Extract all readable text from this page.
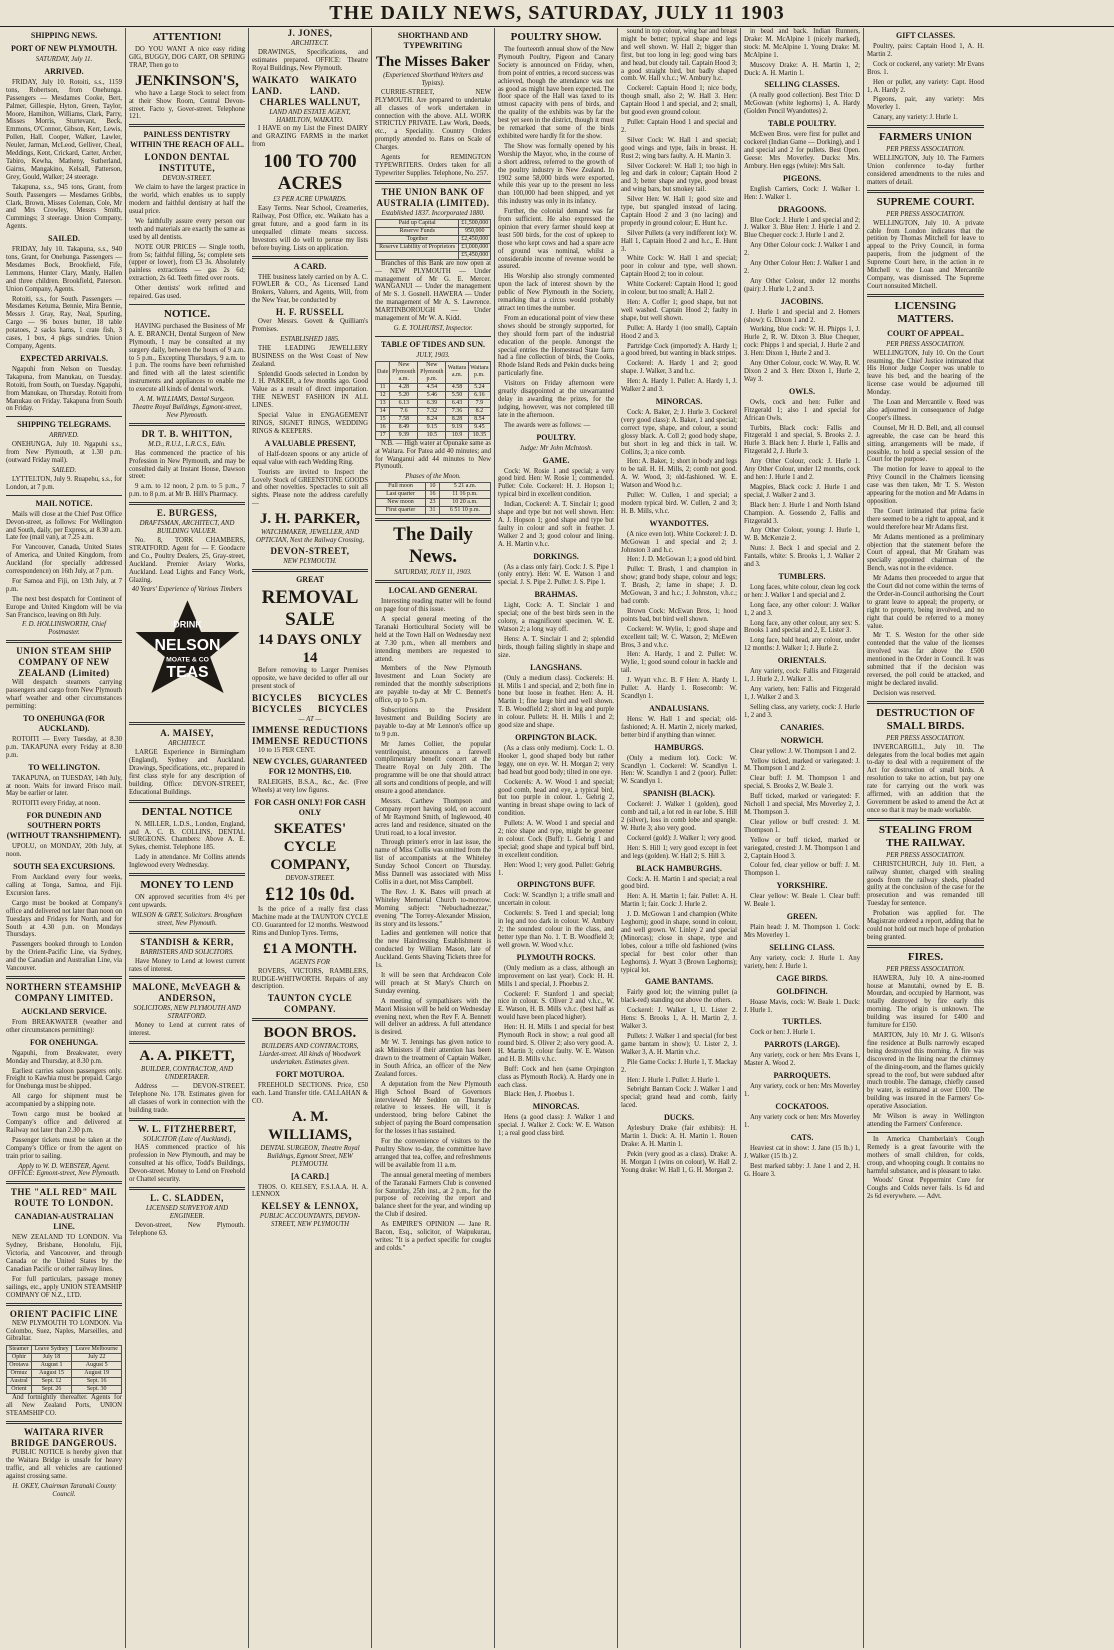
THE DAILY NEWS, SATURDAY, JULY 11 1903
SHIPPING NEWS.
PORT OF NEW PLYMOUTH.
SATURDAY, July 11.
ARRIVED.
FRIDAY, July 10. Rotoiti, s.s., 1159 tons, Robertson, from Onehunga. Passengers — Mesdames Cooke, Bert, Palmer, Gillespie, Hyton, Green, Taylor, Moore, Hamilton, Williams, Clark, Parry, Misses Morris, Sturtevant, Beck, Emmons, O'Connor, Gibson, Kerr, Lewis, Pollen, Hall. Cooper, Walker, Lawler, Neuler, Jarman, McLeod, Gelliver, Cheal, Meddings, Kent, Crickard, Carter, Archer, Tabiro, Kewha, Matheny, Sutherland, Gairns, Mangakino, Kelsall, Patterson, Grey, Gould, Walker; 24 steerage.
Takapuna, s.s., 945 tons, Grant, from South. Passengers — Mesdames Gribbs, Clark, Brown, Misses Coleman, Cole, Mr and Mrs Crowley, Messrs Smith, Cummings; 3 steerage. Union Company, Agents.
SAILED.
FRIDAY, July 10. Takapuna, s.s., 940 tons, Grant, for Onehunga. Passengers — Mesdames Bock, Brookfield, Fife, Lemmons, Hunter Clary, Manly, Hallen and three children. Brookfield, Paterson. Union Company, Agents.
Rotoiti, s.s., for South. Passengers — Mesdames Ketuma, Bennie, Mira Bennie, Messrs J. Gray, Ray, Neal, Spurling, Cargo — 96 boxes butter, 18 table potatoes, 2 sacks hams, 1 crate fish, 3 cases, 1 box, 4 pkgs sundries. Union Company, Agents.
EXPECTED ARRIVALS.
Ngapuhi from Nelson on Tuesday. Takapuna, from Manukau, on Tuesday. Rotoiti, from South, on Tuesday. Ngapuhi, from Manukau, on Thursday. Rotoiti from Manukau on Friday. Takapuna from South on Friday.
SHIPPING TELEGRAMS.
ARRIVED.
ONEHUNGA, July 10. Ngapuhi s.s., from New Plymouth, at 1.30 p.m. (outward Friday mail).
SAILED.
LYTTELTON, July 9. Ruapehu, s.s., for London, at 7 p.m.
MAIL NOTICE.
Mails will close at the Chief Post Office Devon-street, as follows: For Wellington and South, daily, per Express, at 8.30 a.m. Late fee (mail van), at 7.25 a.m.
For Vancouver, Canada, United States of America, and United Kingdom, from Auckland (for specially addressed correspondence) on 16th July, at 7 p.m.
For Samoa and Fiji, on 13th July, at 7 p.m.
The next best despatch for Continent of Europe and United Kingdom will be via San Francisco, leaving on 8th July.
F. D. HOLLINSWORTH, Chief Postmaster.
UNION STEAM SHIP COMPANY OF NEW ZEALAND (Limited)
Will despatch steamers carrying passengers and cargo from New Plymouth wharf weather and other circumstances permitting:
TO ONEHUNGA (FOR AUCKLAND).
ROTOITI — Every Tuesday, at 8.30 p.m. TAKAPUNA every Friday at 8.30 p.m.
TO WELLINGTON.
TAKAPUNA, on TUESDAY, 14th July, at noon. Waits for inward Frisco mail. May be earlier or later.
ROTOITI every Friday, at noon.
FOR DUNEDIN AND SOUTHERN PORTS (WITHOUT TRANSHIPMENT).
UPOLU, on MONDAY, 20th July, at noon.
SOUTH SEA EXCURSIONS.
From Auckland every four weeks, calling at Tonga, Samoa, and Fiji. Excursion fares.
Cargo must be booked at Company's office and delivered not later than noon on Tuesdays and Fridays for North, and for South at 4.30 p.m. on Mondays Thursdays.
Passengers booked through to London by the Orient-Pacific Line, via Sydney, and the Canadian and Australian Line, via Vancouver.
NORTHERN STEAMSHIP COMPANY LIMITED.
AUCKLAND SERVICE.
From BREAKWATER (weather and other circumstances permitting):
FOR ONEHUNGA.
Ngapuhi, from Breakwater, every Monday and Thursday, at 8.30 p.m.
Earliest carries saloon passengers only. Freight to Kawhia must be prepaid. Cargo for Onehunga must be shipped.
All cargo for shipment must be accompanied by a shipping note.
Town cargo must be booked at Company's office and delivered at Railway not later than 2.30 p.m.
Passenger tickets must be taken at the Company's Office or from the agent on train prior to sailing.
Apply to W. D. WEBSTER, Agent. OFFICE: Egmont-street, New Plymouth.
THE "ALL RED" MAIL ROUTE TO LONDON.
CANADIAN-AUSTRALIAN LINE.
NEW ZEALAND TO LONDON. Via Sydney, Brisbane, Honolulu, Fiji, Victoria, and Vancouver, and through Canada or the United States by the Canadian Pacific or other railway lines.
For full particulars, passage money sailings, etc., apply UNION STEAMSHIP COMPANY OF N.Z., LTD.
ORIENT PACIFIC LINE
NEW PLYMOUTH TO LONDON. Via Colombo, Suez, Naples, Marseilles, and Gibraltar.
Steamer	Leave Sydney	Leave Melbourne
Ophir	July 18	July 22
Orotava	August 1	August 5
Ormuz	August 15	August 19
Austral	Sept. 12	Sept. 16
Orient	Sept. 26	Sept. 30
And fortnightly thereafter. Agents for all New Zealand Ports, UNION STEAMSHIP CO.
WAITARA RIVER BRIDGE DANGEROUS.
PUBLIC NOTICE is hereby given that the Waitara Bridge is unsafe for heavy traffic, and all vehicles are cautioned against crossing same.
H. OKEY, Chairman Taranaki County Council.
ATTENTION!
DO YOU WANT A nice easy riding GIG, BUGGY, DOG CART, OR SPRING TRAP, Then go to
JENKINSON'S,
who have a Large Stock to select from at their Show Room, Central Devon-street. Facto y, Gover-street. Telephone 121.
PAINLESS DENTISTRY WITHIN THE REACH OF ALL.
LONDON DENTAL INSTITUTE,
DEVON-STREET.
We claim to have the largest practice in the world, which enables us to supply modern and faithful dentistry at half the usual price.
We faithfully assure every person our teeth and materials are exactly the same as used by all dentists.
NOTE OUR PRICES — Single tooth, from 5s; faithful filling, 5s; complete sets (upper or lower), from £3 3s. Absolutely painless extractions — gas 2s 6d; extraction, 2s 6d. Teeth fitted over roots.
Other dentists' work refitted and repaired. Gas used.
NOTICE.
HAVING purchased the Business of Mr A. E. BRANCH, Dental Surgeon of New Plymouth, I may be consulted at my surgery daily, between the hours of 9 a.m. to 5 p.m., Excepting Thursdays, 9 a.m. to 1 p.m. The rooms have been refurnished and fitted with all the latest scientific instruments and appliances to enable me to execute all kinds of dental work.
A. M. WILLIAMS, Dental Surgeon. Theatre Royal Buildings, Egmont-street, New Plymouth.
DR T. B. WHITTON,
M.D., R.U.I., L.R.C.S., Edin.
Has commenced the practice of his Profession in New Plymouth, and may be consulted daily at Instant House, Dawson street:
9 a.m. to 12 noon, 2 p.m. to 5 p.m., 7 p.m. to 8 p.m. at Mr B. Hill's Pharmacy.
E. BURGESS,
DRAFTSMAN, ARCHITECT, AND BUILDING VALUER.
No. 8, TORK CHAMBERS, STRATFORD. Agent for — F. Goodacre and Co., Poultry Dealers, 25, Gray-street, Auckland. Premier Aviary Works, Auckland. Lead Lights and Fancy Work, Glazing.
40 Years' Experience of Various Timbers
DRINK
NELSON
MOATE & CO
TEAS
A. MAISEY,
ARCHITECT.
LARGE Experience in Birmingham (England), Sydney and Auckland. Drawings, Specifications, etc., prepared in first class style for any description of building. Office: DEVON-STREET, Educational Buildings.
DENTAL NOTICE
N. MILLER, L.D.S., London, England, and A. C. B. COLLINS, DENTAL SURGEONS. Chambers: Above A. E. Sykes, chemist. Telephone 185.
Lady in attendance. Mr Collins attends Inglewood every Wednesday.
MONEY TO LEND
ON approved securities from 4½ per cent upwards.
WILSON & GREY, Solicitors. Brougham street, New Plymouth.
STANDISH & KERR,
BARRISTERS AND SOLICITORS.
Have Money to Lend at lowest current rates of interest.
MALONE, McVEAGH & ANDERSON,
SOLICITORS, NEW PLYMOUTH AND STRATFORD.
Money to Lend at current rates of interest.
A. A. PIKETT,
BUILDER, CONTRACTOR, AND UNDERTAKER.
Address — DEVON-STREET. Telephone No. 178. Estimates given for all classes of work in connection with the building trade.
W. L. FITZHERBERT,
SOLICITOR (Late of Auckland),
HAS commenced practice of his profession in New Plymouth, and may be consulted at his office, Todd's Buildings, Devon-street. Money to Lend on Freehold or Chattel security.
L. C. SLADDEN,
LICENSED SURVEYOR AND ENGINEER.
Devon-street, New Plymouth. Telephone 63.
J. JONES,
ARCHITECT.
DRAWINGS, Specifications, and estimates prepared. OFFICE: Theatre Royal Buildings, New Plymouth.
WAIKATO LAND.
WAIKATO LAND.
CHARLES WALLNUT,
LAND AND ESTATE AGENT, HAMILTON, WAIKATO.
I HAVE on my List the Finest DAIRY and GRAZING FARMS in the market from
100 TO 700 ACRES
£3 PER ACRE UPWARDS.
Easy Terms. Near School, Creameries, Railway, Post Office, etc. Waikato has a great future, and a good farm in its unequalled climate means success. Investors will do well to peruse my lists before buying. Lists on application.
A CARD.
THE business lately carried on by A. C. FOWLER & CO., As Licensed Land Brokers, Valuers, and Agents, Will, from the New Year, be conducted by
H. F. RUSSELL
Over Messrs. Govett & Quilliam's Premises.
ESTABLISHED 1885.
THE LEADING JEWELLERY BUSINESS on the West Coast of New Zealand.
Splendid Goods selected in London by J. H. PARKER, a few months ago. Good Value as a result of direct importation. THE NEWEST FASHION IN ALL LINES.
Special Value in ENGAGEMENT RINGS, SIGNET RINGS, WEDDING RINGS & KEEPERS.
A VALUABLE PRESENT,
of Half-dozen spoons or any article of equal value with each Wedding Ring.
Tourists are invited to Inspect the Lovely Stock of GREENSTONE GOODS and other novelties. Spectacles to suit all sights. Please note the address carefully —
J. H. PARKER,
WATCHMAKER, JEWELLER, AND OPTICIAN, Next the Railway Crossing,
DEVON-STREET,
NEW PLYMOUTH.
GREAT
REMOVAL SALE
14 DAYS ONLY 14
Before removing to Larger Premises opposite, we have decided to offer all our present stock of
BICYCLES BICYCLES
BICYCLES BICYCLES
— AT —
IMMENSE REDUCTIONS
IMMENSE REDUCTIONS
10 to 15 PER CENT.
NEW CYCLES, GUARANTEED FOR 12 MONTHS, £10.
RALEIGHS, B.S.A., &c., &c. (Free Wheels) at very low figures.
FOR CASH ONLY! FOR CASH ONLY
SKEATES' CYCLE COMPANY,
DEVON-STREET.
£12 10s 0d.
Is the price of a really first class Machine made at the TAUNTON CYCLE CO. Guaranteed for 12 months. Westwood Rims and Dunlop Tyres. Terms,
£1 A MONTH.
AGENTS FOR
ROVERS, VICTORS, RAMBLERS, RUDGE-WHITWORTH. Repairs of any description.
TAUNTON CYCLE COMPANY.
BOON BROS.
BUILDERS AND CONTRACTORS, Liardet-street. All kinds of Woodwork undertaken. Estimates given.
FORT MOTUROA.
FREEHOLD SECTIONS. Price, £50 each. Land Transfer title. CALLAHAN & CO.
A. M. WILLIAMS,
DENTAL SURGEON, Theatre Royal Buildings, Egmont Street, NEW PLYMOUTH.
[A CARD.]
THOS. O. KELSEY, F.S.I.A.A. H. A. LENNOX
KELSEY & LENNOX,
PUBLIC ACCOUNTANTS, DEVON-STREET, NEW PLYMOUTH
SHORTHAND AND TYPEWRITING
The Misses Baker
(Experienced Shorthand Writers and Typists).
CURRIE-STREET, NEW PLYMOUTH. Are prepared to undertake all classes of work undertaken in connection with the above. ALL WORK STRICTLY PRIVATE. Law Work, Deeds, etc., a Speciality. Country Orders promptly attended to. Rates on Scale of Charges.
Agents for REMINGTON TYPEWRITERS. Orders taken for all Typewriter Supplies. Telephone, No. 257.
THE UNION BANK OF AUSTRALIA (LIMITED).
Established 1837. Incorporated 1880.
Paid up Capital	£1,500,000
Reserve Funds	950,000
Together	£2,450,000
Reserve Liability of Proprietors	£3,000,000
	£5,450,000
Branches of this Bank are now open at — NEW PLYMOUTH — Under management of Mr G. E. Mercer. WANGANUI — Under the management of Mr S. J. Gosnell. HAWERA — Under the management of Mr A. S. Lawrence. MARTINBOROUGH — Under management of Mr W. A. Kidd.
G. E. TOLHURST, Inspector.
TABLE OF TIDES AND SUN.
JULY, 1903.
Date	New Plymouth a.m.	New Plymouth p.m.	Waitara a.m.	Waitara p.m.
11	4.28	4.54	4.58	5.24
12	5.20	5.46	5.50	6.16
13	6.13	6.39	6.43	7.9
14	7.6	7.32	7.36	8.2
15	7.58	8.24	8.28	8.54
16	8.49	9.15	9.19	9.45
17	9.39	10.5	10.9	10.35
N.B. — High water at Opunake same as at Waitara. For Patea add 40 minutes; and for Wanganui add 44 minutes to New Plymouth.
Phases of the Moon.
Full moon	10	5 21 a.m.
Last quarter	16	11 16 p.m.
New moon	23	10 20 a.m.
First quarter	31	6 51 10 p.m.
The Daily News.
SATURDAY, JULY 11, 1903.
LOCAL AND GENERAL
Interesting reading matter will be found on page four of this issue.
A special general meeting of the Taranaki Horticultural Society will be held at the Town Hall on Wednesday next at 7.30 p.m., when all members and intending members are requested to attend.
Members of the New Plymouth Investment and Loan Society are reminded that the monthly subscriptions are payable to-day at Mr C. Bennett's office, up to 5 p.m.
Subscriptions to the President Investment and Building Society are payable to-day at Mr Lennon's office up to 9 p.m.
Mr James Collier, the popular ventriloquist, announces a farewell complimentary benefit concert at the Theatre Royal on July 20th. The programme will be one that should attract all sorts and conditions of people, and will ensure a good attendance.
Messrs. Carthew Thompson and Company report having sold, on account of Mr Raymond Smith, of Inglewood, 40 acres land and residence, situated on the Uruti road, to a local investor.
Through printer's error in last issue, the name of Miss Collis was omitted from the list of accompanists at the Whiteley Sunday School Concert on Thursday. Miss Dannell was associated with Miss Collis in a duet, not Miss Campbell.
The Rev. J. K. Bates will preach at Whiteley Memorial Church to-morrow. Morning subject: "Nebuchadnezzar," evening "The Torrey-Alexander Mission, its story and its lessons."
Ladies and gentlemen will notice that the new Hairdressing Establishment is conducted by William Mason, late of Auckland. Gents Shaving Tickets three for 1s.
It will be seen that Archdeacon Cole will preach at St Mary's Church on Sunday evening.
A meeting of sympathisers with the Maori Mission will be held on Wednesday evening next, when the Rev F. A. Bennett will deliver an address. A full attendance is desired.
Mr W. T. Jennings has given notice to ask Ministers if their attention has been drawn to the treatment of Captain Walker, in South Africa, an officer of the New Zealand forces.
A deputation from the New Plymouth High School Board of Governors interviewed Mr Seddon on Thursday relative to lessees. He will, it is understood, bring before Cabinet the subject of paying the Board compensation for the losses it has sustained.
For the convenience of visitors to the Poultry Show to-day, the committee have arranged that tea, coffee, and refreshments will be available from 11 a.m.
The annual general meeting of members of the Taranaki Farmers Club is convened for Saturday, 25th inst., at 2 p.m., for the purpose of receiving the report and balance sheet for the year, and winding up the Club if desired.
As EMPIRE'S OPINION — Jane R. Bacon, Esq., solicitor, of Waipukurau, writes: "It is a perfect specific for coughs and colds."
POULTRY SHOW.
The fourteenth annual show of the New Plymouth Poultry, Pigeon and Canary Society is announced on Friday, when, from point of entries, a record success was achieved, though the attendance was not as good as might have been expected. The floor space of the Hall was taxed to its utmost capacity with pens of birds, and the quality of the exhibits was by far the best yet seen in the district, though it must be remarked that some of the birds exhibited were hardly fit for the show.
The Show was formally opened by his Worship the Mayor, who, in the course of a short address, referred to the growth of the poultry industry in New Zealand. In 1902 some 58,000 birds were exported, while this year up to the present no less than 100,000 had been shipped, and yet this industry was only in its infancy.
Further, the colonial demand was far from sufficient. He also expressed the opinion that every farmer should keep at least 500 birds, for the cost of upkeep to those who kept cows and had a spare acre of ground was nominal, whilst a considerable income of revenue would be assured.
His Worship also strongly commented upon the lack of interest shown by the public of New Plymouth in the Society, remarking that a circus would probably attract ten times the number.
From an educational point of view these shows should be strongly supported, for they should form part of the industrial education of the people. Amongst the special entries the Homestead State farm had a fine collection of birds, the Cooks, Rhode Island Reds and Pekin ducks being particularly fine.
Visitors on Friday afternoon were greatly disappointed at the unwarranted delay in awarding the prizes, for the judging, however, was not completed till late in the afternoon.
The awards were as follows: —
POULTRY.
Judge: Mr John McIntosh.
GAME.
Cock: W. Rosie 1 and special; a very good bird. Hen: W. Rosie 1; commended. Pullet: Cole. Cockerel: H. J. Hopson 1; typical bird in excellent condition.
Indian, Cockerel: A. T. Sinclair 1; good shape and type but not well shown. Hen: A. J. Hopson 1; good shape and type but faulty in colour and soft in feather. J. Walker 2 and 3; good colour and lining. A. H. Martin v.h.c.
DORKINGS.
(As a class only fair). Cock: J. S. Pipe 1 (only entry). Hen: W. E. Watson 1 and special. J. S. Pipe 2. Pullet: J. S. Pipe 1.
BRAHMAS.
Light, Cock: A. T. Sinclair 1 and special; one of the best birds seen in the colony, a magnificent specimen. W. E. Watson 2; a long way off.
Hens: A. T. Sinclair 1 and 2; splendid birds, though failing slightly in shape and size.
LANGSHANS.
(Only a medium class). Cockerels: H. H. Mills 1 and special, and 2; both fine in bone but loose in feather. Hen: A. H. Martin 1; fine large bird and well shown. T. B. Woodfield 2; short in leg and purple in colour. Pullets: H. H. Mills 1 and 2; good size and shape.
ORPINGTON BLACK.
(As a class only medium). Cock: L. O. Hooker 1, good shaped body but rather leggy, one on eye. W. H. Morgan 2; very bad head but good body; tilted in one eye.
Cockerels: A. W. Wood 1 and special; good comb, head and eye, a typical bird, but too purple in colour. L. Gehrig 2, wanting in breast shape owing to lack of condition.
Pullets: A. W. Wood 1 and special and 2; nice shape and type, might be greener in colour. Cock (Buff): L. Gehrig 1 and special; good shape and typical buff bird, in excellent condition.
Hen: Wood 1; very good. Pullet: Gehrig 1.
ORPINGTONS BUFF.
Cock: W. Scandlyn 1; a trifle small and uncertain in colour.
Cockerels: S. Teed 1 and special; long in leg and too dark in colour. W. Ambury 2; the soundest colour in the class, and better type than No. 1. T. B. Woodfield 3; well grown. W. Wood v.h.c.
PLYMOUTH ROCKS.
(Only medium as a class, although an improvement on last year). Cock: H. H. Mills 1 and special, J. Phoebus 2.
Cockerel: F. Stanford 1 and special; nice in colour. S. Oliver 2 and v.h.c., W. E. Watson, H. B. Mills v.h.c. (best half as would have been placed higher).
Hen: H. H. Mills 1 and special for best Plymouth Rock in show; a real good all round bird. S. Oliver 2; also very good. A. H. Martin 3; colour faulty. W. E. Watson and H. B. Mills v.h.c.
Buff: Cock and hen (same Orpington class as Plymouth Rock). A. Hardy one in each class.
Black: Hen, J. Phoebus 1.
MINORCAS.
Hens (a good class): J. Walker 1 and special. J. Walker 2. Cock: W. E. Watson 1; a real good class bird.
sound in top colour, wing bar and breast might be better; typical shape and legs and well shown. W. Hall 2; bigger than first, but too long in leg; good wing bars and head, but cloudy tail. Captain Hood 3; a good straight bird, but badly shaped comb. W. Hall v.h.c.; W. Ambury h.c.
Cockerel: Captain Hood 1; nice body, though small, also 2; W. Hall 3. Hen: Captain Hood 1 and special, and 2; small, but good even ground colour.
Pullet: Captain Hood 1 and special and 2.
Silver Cock: W. Hall 1 and special; good wings and type, fails in breast. H. Rust 2; wing bars faulty. A. H. Martin 3.
Silver Cockerel: W. Hall 1; too high in leg and dark in colour; Captain Hood 2 and 3; better shape and type, good breast and wing bars, but smokey tail.
Silver Hen: W. Hall 1; good size and type, but spangled instead of lacing. Captain Hood 2 and 3 (no lacing) and properly in ground colour; E. Hunt h.c.
Silver Pullets (a very indifferent lot): W. Hall 1, Captain Hood 2 and h.c., E. Hunt 3.
White Cock: W. Hall 1 and special; poor in colour and type, well shown. Captain Hood 2; too in colour.
White Cockerel: Captain Hood 1; good in colour, but too small; A. Hall 2.
Hen: A. Coffer 1; good shape, but not well washed. Captain Hood 2; faulty in shape, but well shown.
Pullet: A. Hardy 1 (too small), Captain Hood 2 and 3.
Partridge Cock (imported): A. Hardy 1; a good breed, but wanting in black stripes.
Cockerel: A. Hardy 1 and 2; good shape. J. Walker, 3 and h.c.
Hen: A. Hardy 1. Pullet: A. Hardy 1, J. Walker 2 and 3.
MINORCAS.
Cock: A. Baker, 2; J. Hurle 3. Cockerel (very good class): A. Baker, 1 and special; correct type, shape, and colour, a sound glossy black. A. Coll 2; good body shape, but short in leg and thick in tail. W. Collins, 3; a nice comb.
Hen: A. Baker, 1; short in body and legs to be tail. H. H. Mills, 2; comb not good. A. W. Wood, 3; old-fashioned. W. E. Watson and Wood h.c.
Pullet: W. Cullen, 1 and special; a modern typical bird. W. Cullen, 2 and 3; H. B. Mills, v.h.c.
WYANDOTTES.
(A nice even lot). White Cockerel: J. D. McGowan 1 and special and 2; J. Johnston 3 and h.c.
Hen: J. D. McGowan 1; a good old bird.
Pullet: T. Brash, 1 and champion in show; grand body shape, colour and legs; T. Brash, 2; lame in shape; J. D. McGowan, 3 and h.c.; J. Johnston, v.h.c.; bad comb.
Brown Cock: McEwan Bros, 1; hood points bad, but bird well shown.
Cockerel: W. Wylie, 1; good shape and excellent tail; W. C. Watson, 2; McEwen Bros, 3 and v.h.c.
Hen: A. Hardy, 1 and 2. Pullet: W. Wylie, 1; good sound colour in hackle and tail.
J. Wyatt v.h.c. B. F Hen: A. Hardy 1. Pullet: A. Hardy 1. Rosecomb: W. Scandlyn 1.
ANDALUSIANS.
Hens: W. Hall 1 and special; old-fashioned; A. H. Martin 2, nicely marked, better bird if anything than winner.
HAMBURGS.
(Only a medium lot). Cock: W. Scandlyn 1. Cockerel: W. Scandlyn 1. Hen: W. Scandlyn 1 and 2 (poor). Pullet: W. Scandlyn 1.
SPANISH (BLACK).
Cockerel: J. Walker 1 (golden), good comb and tail, a lot red in ear lobe. S. Hill 2 (silver), loss in comb lobe and spangle. W. Hurle 3; also very good.
Cockerel (gold): J. Walker 1; very good.
Hen: S. Hill 1; very good except in feet and legs (golden). W. Hall 2; S. Hill 3.
BLACK HAMBURGHS.
Cock: A. H. Martin 1 and special; a real good bird.
Hen: A. H. Martin 1; fair. Pullet: A. H. Martin 1; fair. Cock: J. Hurle 2.
J. D. McGowan 1 and champion (White Leghorn); good in shape, sound in colour, and well grown. W. Linley 2 and special (Minorcas); close in shape, type and lobes, colour a trifle old fashioned (wins special for best color other than Leghorns). J. Wyatt 3 (Brown Leghorns); typical lot.
GAME BANTAMS.
Fairly good lot; the winning pullet (a black-red) standing out above the others.
Cockerel: J. Walker 1, U. Lister 2. Hens: S. Brooks 1, A. H. Martin 2, J. Walker 3.
Pullets: J. Walker 1 and special (for best game bantam in show); U. Lister 2, J. Walker 3, A. H. Martin v.h.c.
Pile Game Cocks: J. Hurle 1, T. Mackay 2.
Hen: J. Hurle 1. Pullet: J. Hurle 1.
Sebright Bantam Cock: J. Walker 1 and special; grand head and comb, fairly laced.
DUCKS.
Aylesbury Drake (fair exhibits): H. Martin 1. Duck: A. H. Martin 1. Rouen Drake: A. H. Martin 1.
Pekin (very good as a class). Drake: A. H. Morgan 1 (wins on colour), W. Hall 2. Young drake: W. Hall 1, G. H. Morgan 2.
in bead and back. Indian Runners, Drake: M. McAlpine 1 (nicely marked), stock: M. McAlpine 1. Young Drake: M. McAlpine 1.
Muscovy Drake: A. H. Martin 1, 2; Duck: A. H. Martin 1.
SELLING CLASSES.
(A really good collection). Best Trio: D McGowan (white leghorns) 1, A. Hardy (Golden Pencil Wyandottes) 2.
TABLE POULTRY.
McEwen Bros. were first for pullet and cockerel (Indian Game — Dorking), and 1 and special and 2 for pullets. Best Open. Geese: Mrs Moverley. Ducks: Mrs. Ambury. Hen eggs (white): Mrs Salt.
PIGEONS.
English Carriers, Cock: J. Walker 1. Hen: J. Walker 1.
DRAGOONS.
Blue Cock: J. Hurle 1 and special and 2; J. Walker 3. Blue Hen: J. Hurle 1 and 2. Blue Chequer cock: J. Hurle 1 and 2.
Any Other Colour cock: J. Walker 1 and 2.
Any Other Colour Hen: J. Walker 1 and 2.
Any Other Colour, under 12 months (pair): J. Hurle 1, 2 and 3.
JACOBINS.
J. Hurle 1 and special and 2. Homers (show): G. Dixon 1 and 2.
Working, blue cock: W. H. Phipps 1, J. Hurle 2, R. W. Dixon 3. Blue Chequer, cock: Phipps 1 and special, J. Hurle 2 and 3. Hen: Dixon 1, Hurle 2 and 3.
Any Other Colour, cock: W. Way, R. W. Dixon 2 and 3. Hen: Dixon 1, Hurle 2, Way 3.
OWLS.
Owls, cock and hen: Fuller and Fitzgerald 1; also 1 and special for African Owls.
Turbits, Black cock: Fallis and Fitzgerald 1 and special, S. Brooks 2. J. Hurle 3. Black hen: J. Hurle 1, Fallis and Fitzgerald 2, J. Hurle 3.
Any Other Colour, cock: J. Hurle 1. Any Other Colour, under 12 months, cock and hen: J. Hurle 1 and 2.
Magpies, Black cock: J. Hurle 1 and special, J. Walker 2 and 3.
Black hen: J. Hurle 1 and North Island Champion. A. Gossendo 2, Fallis and Fitzgerald 3.
Any Other Colour, young: J. Hurle 1, W. B. McKenzie 2.
Nuns: J. Beck 1 and special and 2. Fantails, white: S. Brooks 1, J. Walker 2 and 3.
TUMBLERS.
Long faces, white colour, clean leg cock or hen: J. Walker 1 and special and 2.
Long face, any other colour: J. Walker 1, 2 and 3.
Long face, any other colour, any sex: S. Brooks 1 and special and 2, E. Lister 3.
Long face, bald head, any colour, under 12 months: J. Walker 1; J. Hurle 2.
ORIENTALS.
Any variety, cock: Fallis and Fitzgerald 1, J. Hurle 2, J. Walker 3.
Any variety, hen: Fallis and Fitzgerald 1, J. Walker 2 and 3.
Selling class, any variety, cock: J. Hurle 1, 2 and 3.
CANARIES.
NORWICH.
Clear yellow: J. W. Thompson 1 and 2.
Yellow ticked, marked or variegated: J. M. Thompson 1 and 2.
Clear buff: J. M. Thompson 1 and special, S. Brooks 2, W. Beale 3.
Buff ticked, marked or variegated: F. Nicholl 1 and special, Mrs Moverley 2, J. M. Thompson 3.
Clear yellow or buff crested: J. M. Thompson 1.
Yellow or buff ticked, marked or variegated, crested: J. M. Thompson 1 and 2, Captain Hood 3.
Colour fed, clear yellow or buff: J. M. Thompson 1.
YORKSHIRE.
Clear yellow: W. Beale 1. Clear buff: W. Beale 1.
GREEN.
Plain head: J. M. Thompson 1. Cock: Mrs Moverley 1.
SELLING CLASS.
Any variety, cock: J. Hurle 1. Any variety, hen: J. Hurle 1.
CAGE BIRDS.
GOLDFINCH.
Hoase Mavis, cock: W. Beale 1. Duck: J. Hurle 1.
TURTLES.
Cock or hen: J. Hurle 1.
PARROTS (LARGE).
Any variety, cock or hen: Mrs Evans 1, Master A. Wood 2.
PARROQUETS.
Any variety, cock or hen: Mrs Moverley 1.
COCKATOOS.
Any variety cock or hen: Mrs Moverley 1.
CATS.
Heaviest cat in show: J. Jane (15 lb.) 1, J. Walker (15 lb.) 2.
Best marked tabby: J. Jane 1 and 2, H. G. Hoare 3.
GIFT CLASSES.
Poultry, pairs: Captain Hood 1, A. H. Martin 2.
Cock or cockerel, any variety: Mr Evans Bros. 1.
Hen or pullet, any variety: Capt. Hood 1, A. Hardy 2.
Pigeons, pair, any variety: Mrs Moverley 1.
Canary, any variety: J. Hurle 1.
FARMERS UNION
PER PRESS ASSOCIATION.
WELLINGTON, July 10. The Farmers Union conference to-day further considered amendments to the rules and matters of detail.
SUPREME COURT.
PER PRESS ASSOCIATION.
WELLINGTON, July 10. A private cable from London indicates that the petition by Thomas Mitchell for leave to appeal to the Privy Council, in forma pauperis, from the judgment of the Supreme Court here, in the action in re Mitchell v. the Loan and Mercantile Company, was dismissed. The Supreme Court nonsuited Mitchell.
LICENSING MATTERS.
COURT OF APPEAL.
PER PRESS ASSOCIATION.
WELLINGTON, July 10. On the Court resuming, the Chief Justice intimated that His Honor Judge Cooper was unable to leave his bed, and the hearing of the license case would be adjourned till Monday.
The Loan and Mercantile v. Reed was also adjourned in consequence of Judge Cooper's illness.
Counsel, Mr H. D. Bell, and, all counsel agreeable, the case can be heard this sitting, arrangements will be made, if possible, to hold a special session of the Court for the purpose.
The motion for leave to appeal to the Privy Council in the Chalmers licensing case was then taken, Mr T. S. Weston appearing for the motion and Mr Adams in opposition.
The Court intimated that prima facie there seemed to be a right to appeal, and it would therefore hear Mr Adams first.
Mr Adams mentioned as a preliminary objection that the statement before the Court of appeal, that Mr Graham was specially appointed chairman of the Bench, was not in the evidence.
Mr Adams then proceeded to argue that the Court did not come within the terms of the Order-in-Council authorising the Court to grant leave to appeal; the property, or right to property, being involved, and no right that could be referred to a money value.
Mr T. S. Weston for the other side contended that the value of the licenses involved was far above the £500 mentioned in the Order in Council. It was submitted that if the decision was reversed, the poll could be attacked, and might be declared invalid.
Decision was reserved.
DESTRUCTION OF SMALL BIRDS.
PER PRESS ASSOCIATION.
INVERCARGILL, July 10. The delegates from the local bodies met again to-day to deal with a requirement of the Act for destruction of small birds. A resolution to take no action, but pay one rate for carrying out the work was affirmed, with an addition that the Government be asked to amend the Act at once so that it may be made workable.
STEALING FROM THE RAILWAY.
PER PRESS ASSOCIATION.
CHRISTCHURCH, July 10. Flett, a railway shunter, charged with stealing goods from the railway sheds, pleaded guilty at the conclusion of the case for the prosecution and was remanded till Tuesday for sentence.
Probation was applied for. The Magistrate ordered a report, adding that he could not hold out much hope of probation being granted.
FIRES.
PER PRESS ASSOCIATION.
HAWERA, July 10. A nine-roomed house at Manutahi, owned by E. B. Mourdan, and occupied by Harmont, was totally destroyed by fire early this morning. The origin is unknown. The building was insured for £400 and furniture for £150.
MARTON, July 10. Mr J. G. Wilson's fine residence at Bulls narrowly escaped being destroyed this morning. A fire was discovered in the lining near the chimney of the dining-room, and the flames quickly spread to the roof, but were subdued after much trouble. The damage, chiefly caused by water, is estimated at over £100. The building was insured in the Farmers' Co-operative Association.
Mr Wilson is away in Wellington attending the Farmers' Conference.
In America Chamberlain's Cough Remedy is a great favourite with the mothers of small children, for colds, croup, and whooping cough. It contains no harmful substance, and is pleasant to take.
Woods' Great Peppermint Cure for Coughs and Colds never fails. 1s 6d and 2s 6d everywhere. — Advt.
